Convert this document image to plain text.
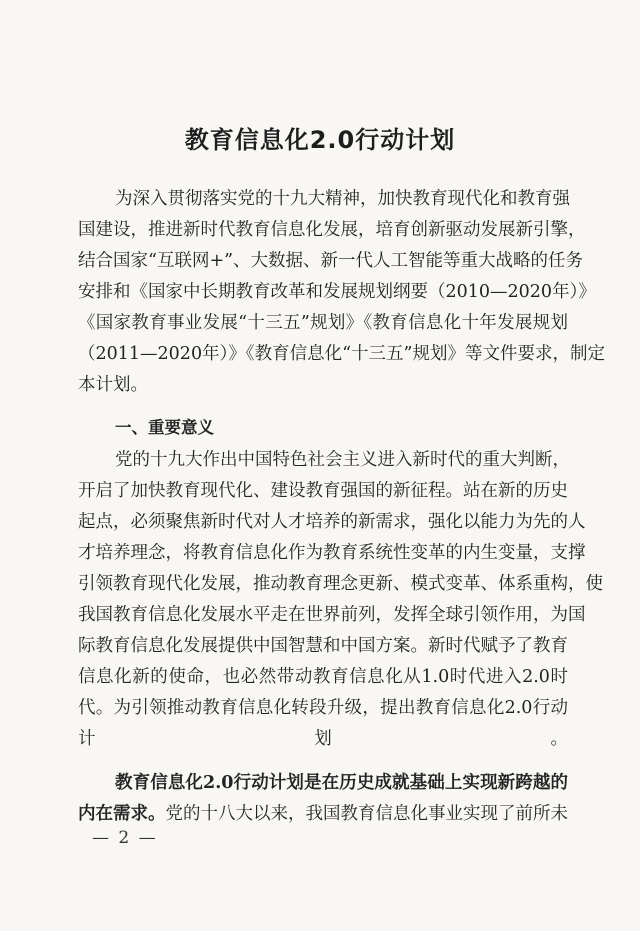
教育信息化2.0行动计划
为深入贯彻落实党的十九大精神，加快教育现代化和教育强
国建设，推进新时代教育信息化发展，培育创新驱动发展新引擎，
结合国家“互联网+”、大数据、新一代人工智能等重大战略的任务
安排和《国家中长期教育改革和发展规划纲要（2010—2020年）》
《国家教育事业发展“十三五”规划》《教育信息化十年发展规划
（2011—2020年）》《教育信息化“十三五”规划》等文件要求，制定
本计划。
一、重要意义
党的十九大作出中国特色社会主义进入新时代的重大判断，
开启了加快教育现代化、建设教育强国的新征程。站在新的历史
起点，必须聚焦新时代对人才培养的新需求，强化以能力为先的人
才培养理念，将教育信息化作为教育系统性变革的内生变量，支撑
引领教育现代化发展，推动教育理念更新、模式变革、体系重构，使
我国教育信息化发展水平走在世界前列，发挥全球引领作用，为国
际教育信息化发展提供中国智慧和中国方案。新时代赋予了教育
信息化新的使命，也必然带动教育信息化从1.0时代进入2.0时
代。为引领推动教育信息化转段升级，提出教育信息化2.0行动
计划。
教育信息化2.0行动计划是在历史成就基础上实现新跨越的
内在需求。党的十八大以来，我国教育信息化事业实现了前所未
— 2 —
